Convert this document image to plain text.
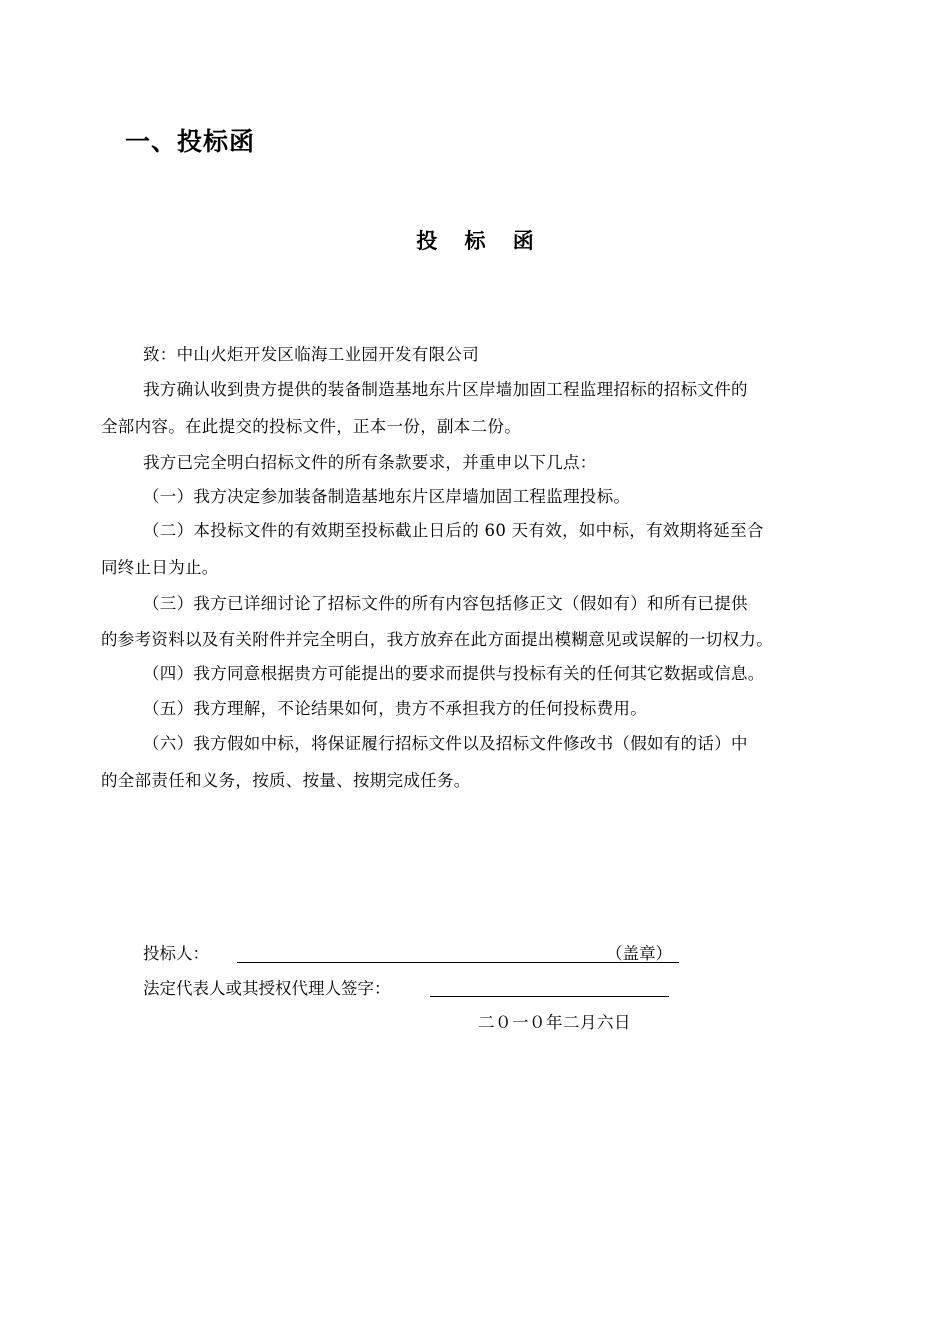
一、投标函
投 标 函
致：中山火炬开发区临海工业园开发有限公司
我方确认收到贵方提供的装备制造基地东片区岸墙加固工程监理招标的招标文件的
全部内容。在此提交的投标文件，正本一份，副本二份。
我方已完全明白招标文件的所有条款要求，并重申以下几点：
（一）我方决定参加装备制造基地东片区岸墙加固工程监理投标。
（二）本投标文件的有效期至投标截止日后的 60 天有效，如中标，有效期将延至合
同终止日为止。
（三）我方已详细讨论了招标文件的所有内容包括修正文（假如有）和所有已提供
的参考资料以及有关附件并完全明白，我方放弃在此方面提出模糊意见或误解的一切权力。
（四）我方同意根据贵方可能提出的要求而提供与投标有关的任何其它数据或信息。
（五）我方理解，不论结果如何，贵方不承担我方的任何投标费用。
（六）我方假如中标，将保证履行招标文件以及招标文件修改书（假如有的话）中
的全部责任和义务，按质、按量、按期完成任务。
投标人：	（盖章）
法定代表人或其授权代理人签字：
二０一０年二月六日
